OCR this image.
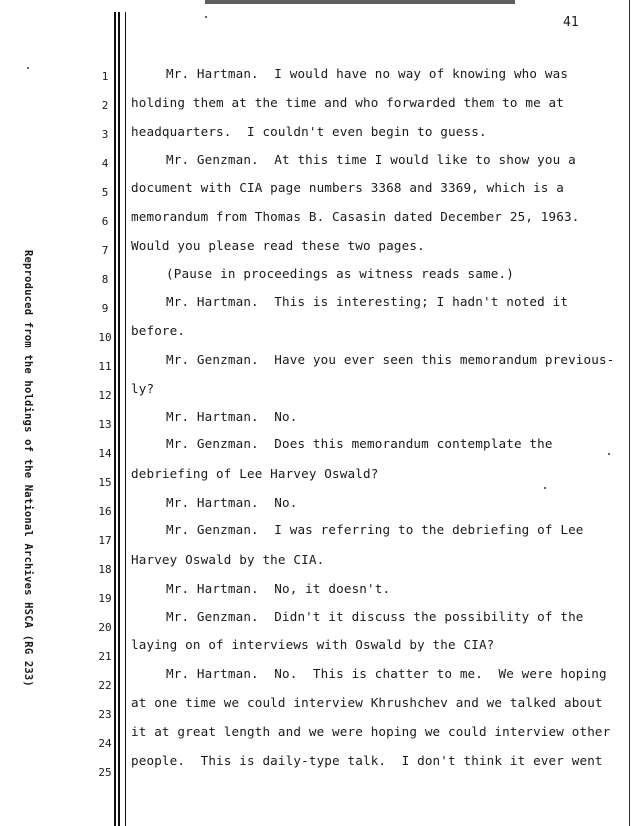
41
Reproduced from the holdings of the National Archives HSCA (RG 233)
1
2
3
4
5
6
7
8
9
10
11
12
13
14
15
16
17
18
19
20
21
22
23
24
25
Mr. Hartman.  I would have no way of knowing who was
holding them at the time and who forwarded them to me at
headquarters.  I couldn't even begin to guess.
Mr. Genzman.  At this time I would like to show you a
document with CIA page numbers 3368 and 3369, which is a
memorandum from Thomas B. Casasin dated December 25, 1963.
Would you please read these two pages.
(Pause in proceedings as witness reads same.)
Mr. Hartman.  This is interesting; I hadn't noted it
before.
Mr. Genzman.  Have you ever seen this memorandum previous-
ly?
Mr. Hartman.  No.
Mr. Genzman.  Does this memorandum contemplate the
debriefing of Lee Harvey Oswald?
Mr. Hartman.  No.
Mr. Genzman.  I was referring to the debriefing of Lee
Harvey Oswald by the CIA.
Mr. Hartman.  No, it doesn't.
Mr. Genzman.  Didn't it discuss the possibility of the
laying on of interviews with Oswald by the CIA?
Mr. Hartman.  No.  This is chatter to me.  We were hoping
at one time we could interview Khrushchev and we talked about
it at great length and we were hoping we could interview other
people.  This is daily-type talk.  I don't think it ever went
